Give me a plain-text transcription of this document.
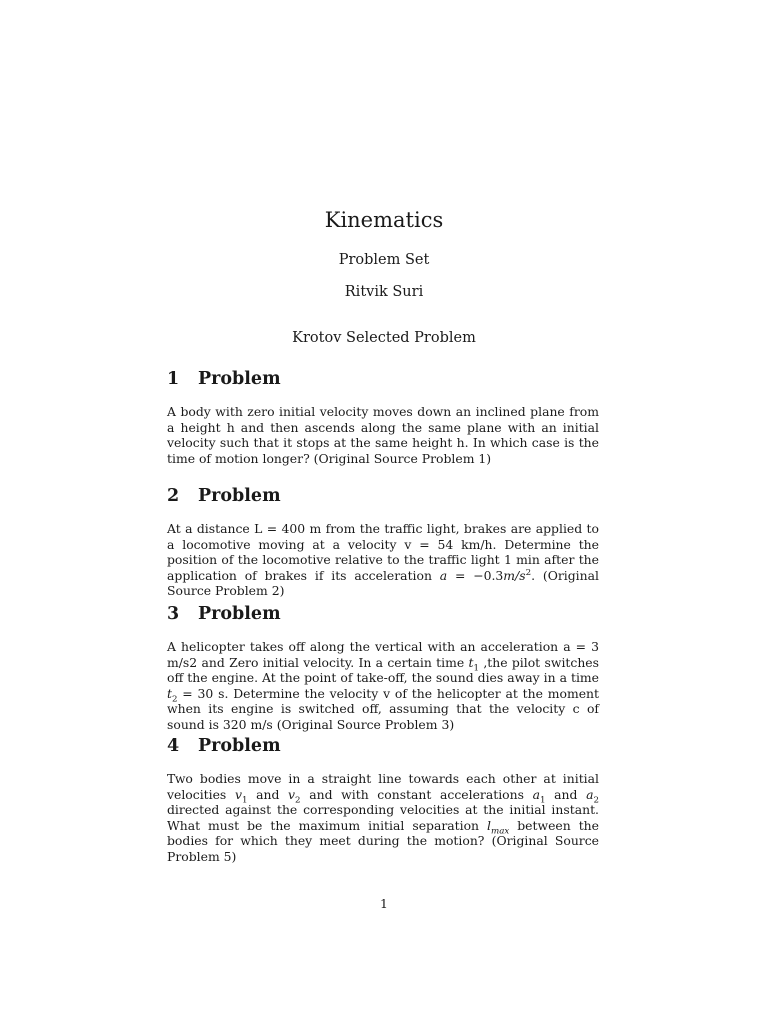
Kinematics
Problem Set
Ritvik Suri
Krotov Selected Problem
1 Problem

A body with zero initial velocity moves down an inclined plane from a height h and then ascends along the same plane with an initial velocity such that it stops at the same height h. In which case is the time of motion longer? (Original Source Problem 1)

2 Problem

At a distance L = 400 m from the traffic light, brakes are applied to a locomotive moving at a velocity v = 54 km/h. Determine the position of the locomotive relative to the traffic light 1 min after the application of brakes if its acceleration $a = -0.3m/s^2$. (Original Source Problem 2)

3 Problem

A helicopter takes off along the vertical with an acceleration a = 3 m/s2 and Zero initial velocity. In a certain time $t_1$ ,the pilot switches off the engine. At the point of take-off, the sound dies away in a time $t_2 = 30$ s. Determine the velocity v of the helicopter at the moment when its engine is switched off, assuming that the velocity c of sound is 320 m/s (Original Source Problem 3)

4 Problem

Two bodies move in a straight line towards each other at initial velocities $v_1$ and $v_2$ and with constant accelerations $a_1$ and $a_2$ directed against the corresponding velocities at the initial instant. What must be the maximum initial separation $l_{max}$ between the bodies for which they meet during the motion? (Original Source Problem 5)

1
